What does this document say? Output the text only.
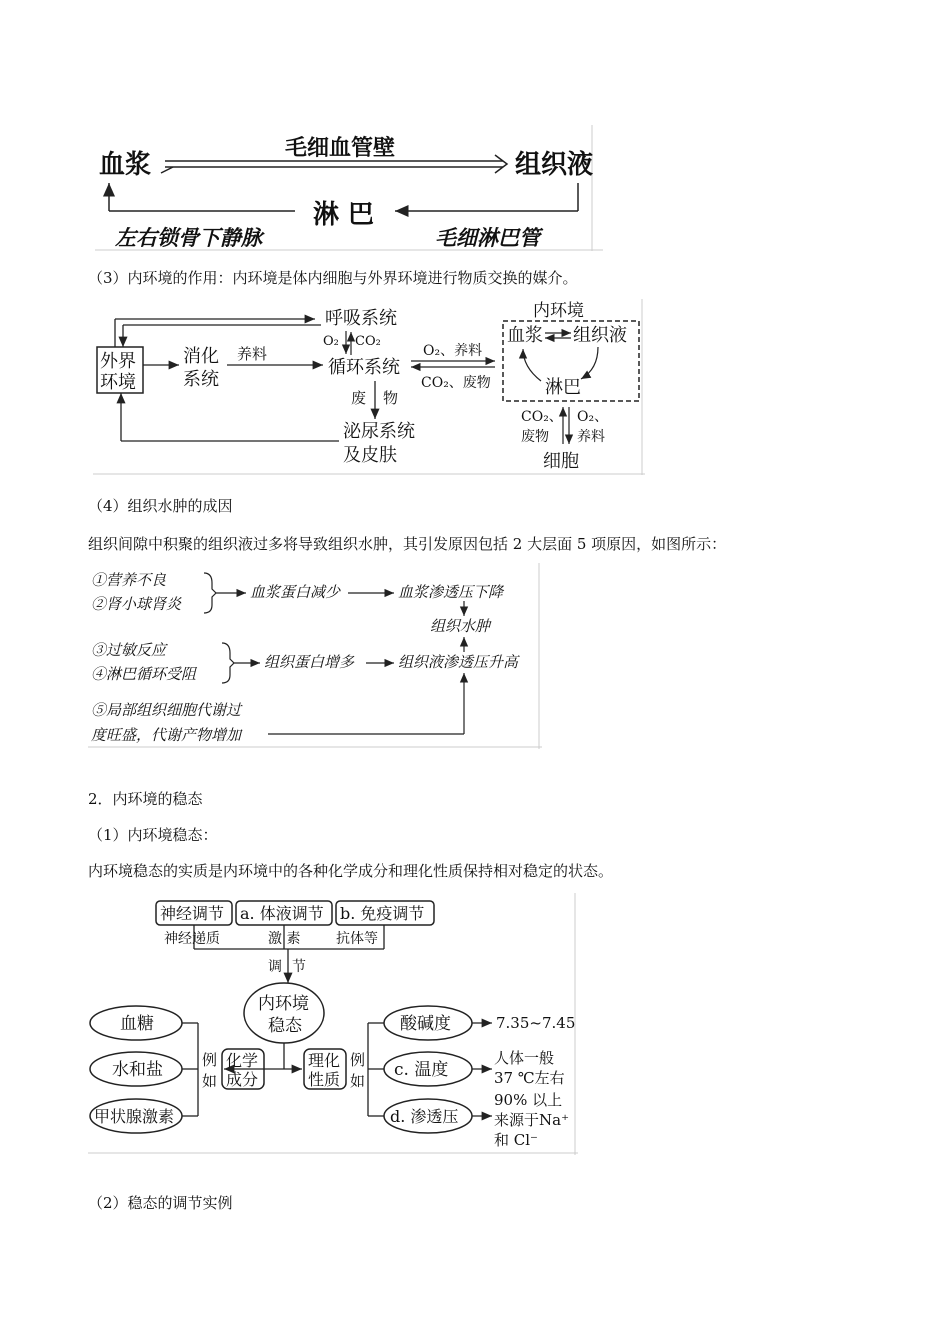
血浆
毛细血管壁
组织液
淋 巴
左右锁骨下静脉	毛细淋巴管
（3）内环境的作用：内环境是体内细胞与外界环境进行物质交换的媒介。
外界
环境
呼吸系统
消化
系统
养料
O₂ CO₂
循环系统
废 物
泌尿系统
及皮肤
O₂、养料
CO₂、废物
内环境
血浆 组织液
淋巴
CO₂、
废物
O₂、
养料
细胞
（4）组织水肿的成因
组织间隙中积聚的组织液过多将导致组织水肿，其引发原因包括 2 大层面 5 项原因，如图所示：
①营养不良
②肾小球肾炎
血浆蛋白减少	血浆渗透压下降
组织水肿
③过敏反应
④淋巴循环受阻
组织蛋白增多	组织液渗透压升高
⑤局部组织细胞代谢过
度旺盛，代谢产物增加
2．内环境的稳态
（1）内环境稳态：
内环境稳态的实质是内环境中的各种化学成分和理化性质保持相对稳定的状态。
神经调节 a. 体液调节 b. 免疫调节
神经递质	激 素	抗体等
调 节
内环境
稳态
血糖
水和盐
甲状腺激素
例
如
化学
成分
理化
性质
例
如
酸碱度
c. 温度
d. 渗透压
7.35~7.45
人体一般
37 ℃左右
90% 以上
来源于Na⁺
和 Cl⁻
（2）稳态的调节实例
